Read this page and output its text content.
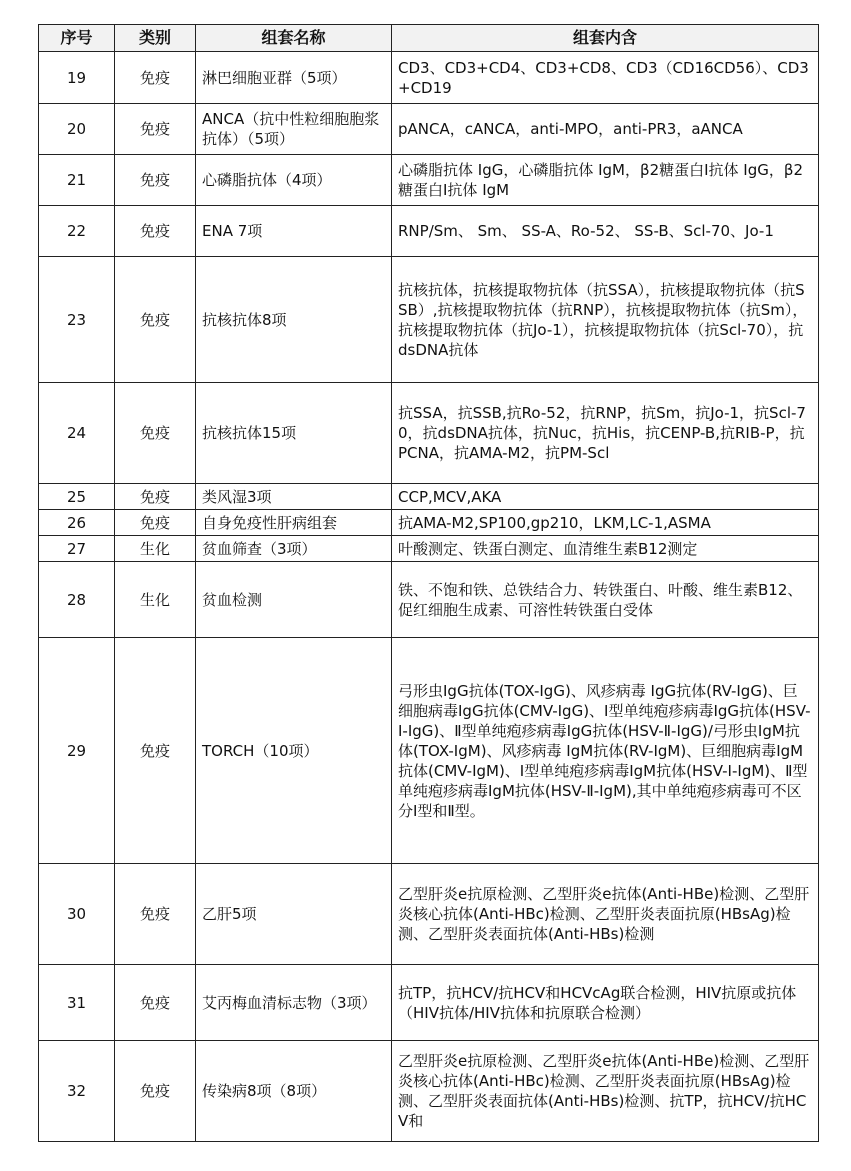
序号	类别	组套名称	组套内含
19	免疫	淋巴细胞亚群（5项）	CD3、CD3+CD4、CD3+CD8、CD3（CD16CD56）、CD3+CD19
20	免疫	ANCA（抗中性粒细胞胞浆抗体）（5项）	pANCA，cANCA，anti-MPO，anti-PR3，aANCA
21	免疫	心磷脂抗体（4项）	心磷脂抗体 IgG，心磷脂抗体 IgM，β2糖蛋白Ⅰ抗体 IgG，β2糖蛋白Ⅰ抗体 IgM
22	免疫	ENA 7项	RNP/Sm、 Sm、 SS-A、Ro-52、 SS-B、Scl-70、Jo-1
23	免疫	抗核抗体8项	抗核抗体，抗核提取物抗体（抗SSA），抗核提取物抗体（抗SSB）,抗核提取物抗体（抗RNP），抗核提取物抗体（抗Sm），抗核提取物抗体（抗Jo-1），抗核提取物抗体（抗Scl-70），抗dsDNA抗体
24	免疫	抗核抗体15项	抗SSA，抗SSB,抗Ro-52，抗RNP，抗Sm，抗Jo-1，抗Scl-70，抗dsDNA抗体，抗Nuc，抗His，抗CENP-B,抗RIB-P，抗PCNA，抗AMA-M2，抗PM-Scl
25	免疫	类风湿3项	CCP,MCV,AKA
26	免疫	自身免疫性肝病组套	抗AMA-M2,SP100,gp210，LKM,LC-1,ASMA
27	生化	贫血筛查（3项）	叶酸测定、铁蛋白测定、血清维生素B12测定
28	生化	贫血检测	铁、不饱和铁、总铁结合力、转铁蛋白、叶酸、维生素B12、促红细胞生成素、可溶性转铁蛋白受体
29	免疫	TORCH（10项）	弓形虫IgG抗体(TOX-IgG)、风疹病毒 IgG抗体(RV-IgG)、巨细胞病毒IgG抗体(CMV-IgG)、Ⅰ型单纯疱疹病毒IgG抗体(HSV-Ⅰ-IgG)、Ⅱ型单纯疱疹病毒IgG抗体(HSV-Ⅱ-IgG)/弓形虫IgM抗体(TOX-IgM)、风疹病毒 IgM抗体(RV-IgM)、巨细胞病毒IgM抗体(CMV-IgM)、Ⅰ型单纯疱疹病毒IgM抗体(HSV-Ⅰ-IgM)、Ⅱ型单纯疱疹病毒IgM抗体(HSV-Ⅱ-IgM),其中单纯疱疹病毒可不区分Ⅰ型和Ⅱ型。
30	免疫	乙肝5项	乙型肝炎e抗原检测、乙型肝炎e抗体(Anti-HBe)检测、乙型肝炎核心抗体(Anti-HBc)检测、乙型肝炎表面抗原(HBsAg)检测、乙型肝炎表面抗体(Anti-HBs)检测
31	免疫	艾丙梅血清标志物（3项）	抗TP，抗HCV/抗HCV和HCVcAg联合检测，HIV抗原或抗体（HIV抗体/HIV抗体和抗原联合检测）
32	免疫	传染病8项（8项）	乙型肝炎e抗原检测、乙型肝炎e抗体(Anti-HBe)检测、乙型肝炎核心抗体(Anti-HBc)检测、乙型肝炎表面抗原(HBsAg)检测、乙型肝炎表面抗体(Anti-HBs)检测、抗TP，抗HCV/抗HCV和
